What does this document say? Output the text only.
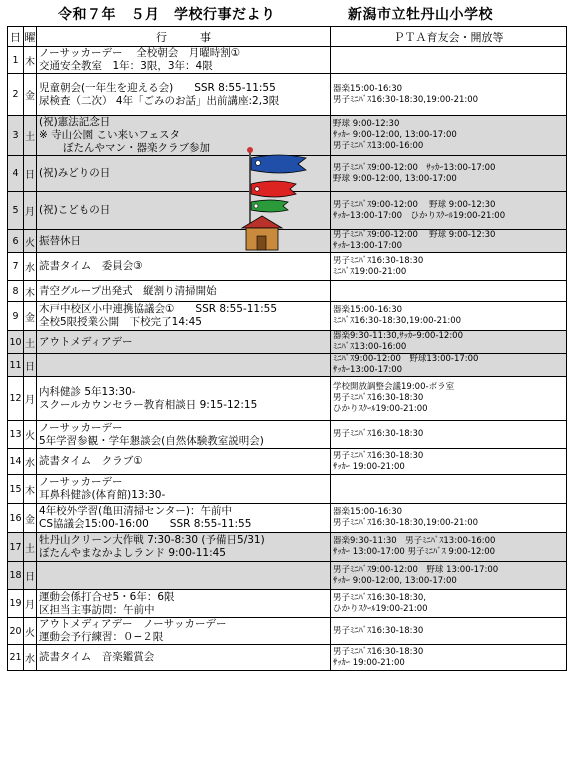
令和７年　５月　学校行事だより	新潟市立牡丹山小学校
日	曜	行　　　事	ＰＴＡ育友会・開放等
1	木	ノーサッカーデー　 全校朝会　月曜時割①
交通安全教室　1年：3限，3年：4限	

2	金	児童朝会(一年生を迎える会)　　SSR 8:55-11:55
尿検査（二次） 4年「ごみのお話」出前講座:2,3限	器楽15:00-16:30
男子ﾐﾆﾊﾞｽ16:30-18:30,19:00-21:00

3	土	(祝)憲法記念日
※ 寺山公園 こい来いフェスタ
ぼたんやマン・器楽クラブ参加	野球 9:00-12:30
ｻｯｶｰ 9:00-12:00, 13:00-17:00
男子ﾐﾆﾊﾞｽ13:00-16:00

4	日	(祝)みどりの日	男子ﾐﾆﾊﾞｽ9:00-12:00　ｻｯｶｰ13:00-17:00
野球 9:00-12:00, 13:00-17:00

5	月	(祝)こどもの日	男子ﾐﾆﾊﾞｽ9:00-12:00　 野球 9:00-12:30
ｻｯｶｰ13:00-17:00　ひかりｽｸｰﾙ19:00-21:00

6	火	振替休日	男子ﾐﾆﾊﾞｽ9:00-12:00　 野球 9:00-12:30
ｻｯｶｰ13:00-17:00

7	水	読書タイム　委員会③	男子ﾐﾆﾊﾞｽ16:30-18:30
ﾐﾆﾊﾞｽ19:00-21:00

8	木	青空グループ出発式　縦割り清掃開始	

9	金	木戸中校区小中連携協議会①　　SSR 8:55-11:55
全校5限授業公開　下校完了14:45	器楽15:00-16:30
ﾐﾆﾊﾞｽ16:30-18:30,19:00-21:00

10	土	アウトメディアデー	器楽9:30-11:30,ｻｯｶｰ9:00-12:00
ﾐﾆﾊﾞｽ13:00-16:00

11	日		ﾐﾆﾊﾞｽ9:00-12:00　野球13:00-17:00
ｻｯｶｰ13:00-17:00

12	月	内科健診 5年13:30-
スクールカウンセラー教育相談日 9:15-12:15	学校開放調整会議19:00-ボラ室
男子ﾐﾆﾊﾞｽ16:30-18:30
ひかりｽｸｰﾙ19:00-21:00

13	火	ノーサッカーデー
5年学習参観・学年懇談会(自然体験教室説明会)	男子ﾐﾆﾊﾞｽ16:30-18:30

14	水	読書タイム　クラブ①	男子ﾐﾆﾊﾞｽ16:30-18:30
ｻｯｶｰ 19:00-21:00

15	木	ノーサッカーデー
耳鼻科健診(体育館)13:30-	

16	金	4年校外学習(亀田清掃センター)：午前中
CS協議会15:00-16:00　　SSR 8:55-11:55	器楽15:00-16:30
男子ﾐﾆﾊﾞｽ16:30-18:30,19:00-21:00

17	土	牡丹山クリーン大作戦 7:30-8:30 (予備日5/31)
ぼたんやまなかよしランド 9:00-11:45	器楽9:30-11:30　男子ﾐﾆﾊﾞｽ13:00-16:00
ｻｯｶｰ 13:00-17:00 男子ﾐﾆﾊﾞｽ 9:00-12:00

18	日		男子ﾐﾆﾊﾞｽ9:00-12:00　野球 13:00-17:00
ｻｯｶｰ 9:00-12:00, 13:00-17:00

19	月	運動会係打合せ5・6年：6限
区担当主事訪問：午前中	男子ﾐﾆﾊﾞｽ16:30-18:30,
ひかりｽｸｰﾙ19:00-21:00

20	火	アウトメディアデー　ノーサッカーデー
運動会予行練習：０−２限	男子ﾐﾆﾊﾞｽ16:30-18:30

21	水	読書タイム　音楽鑑賞会	男子ﾐﾆﾊﾞｽ16:30-18:30
ｻｯｶｰ 19:00-21:00
